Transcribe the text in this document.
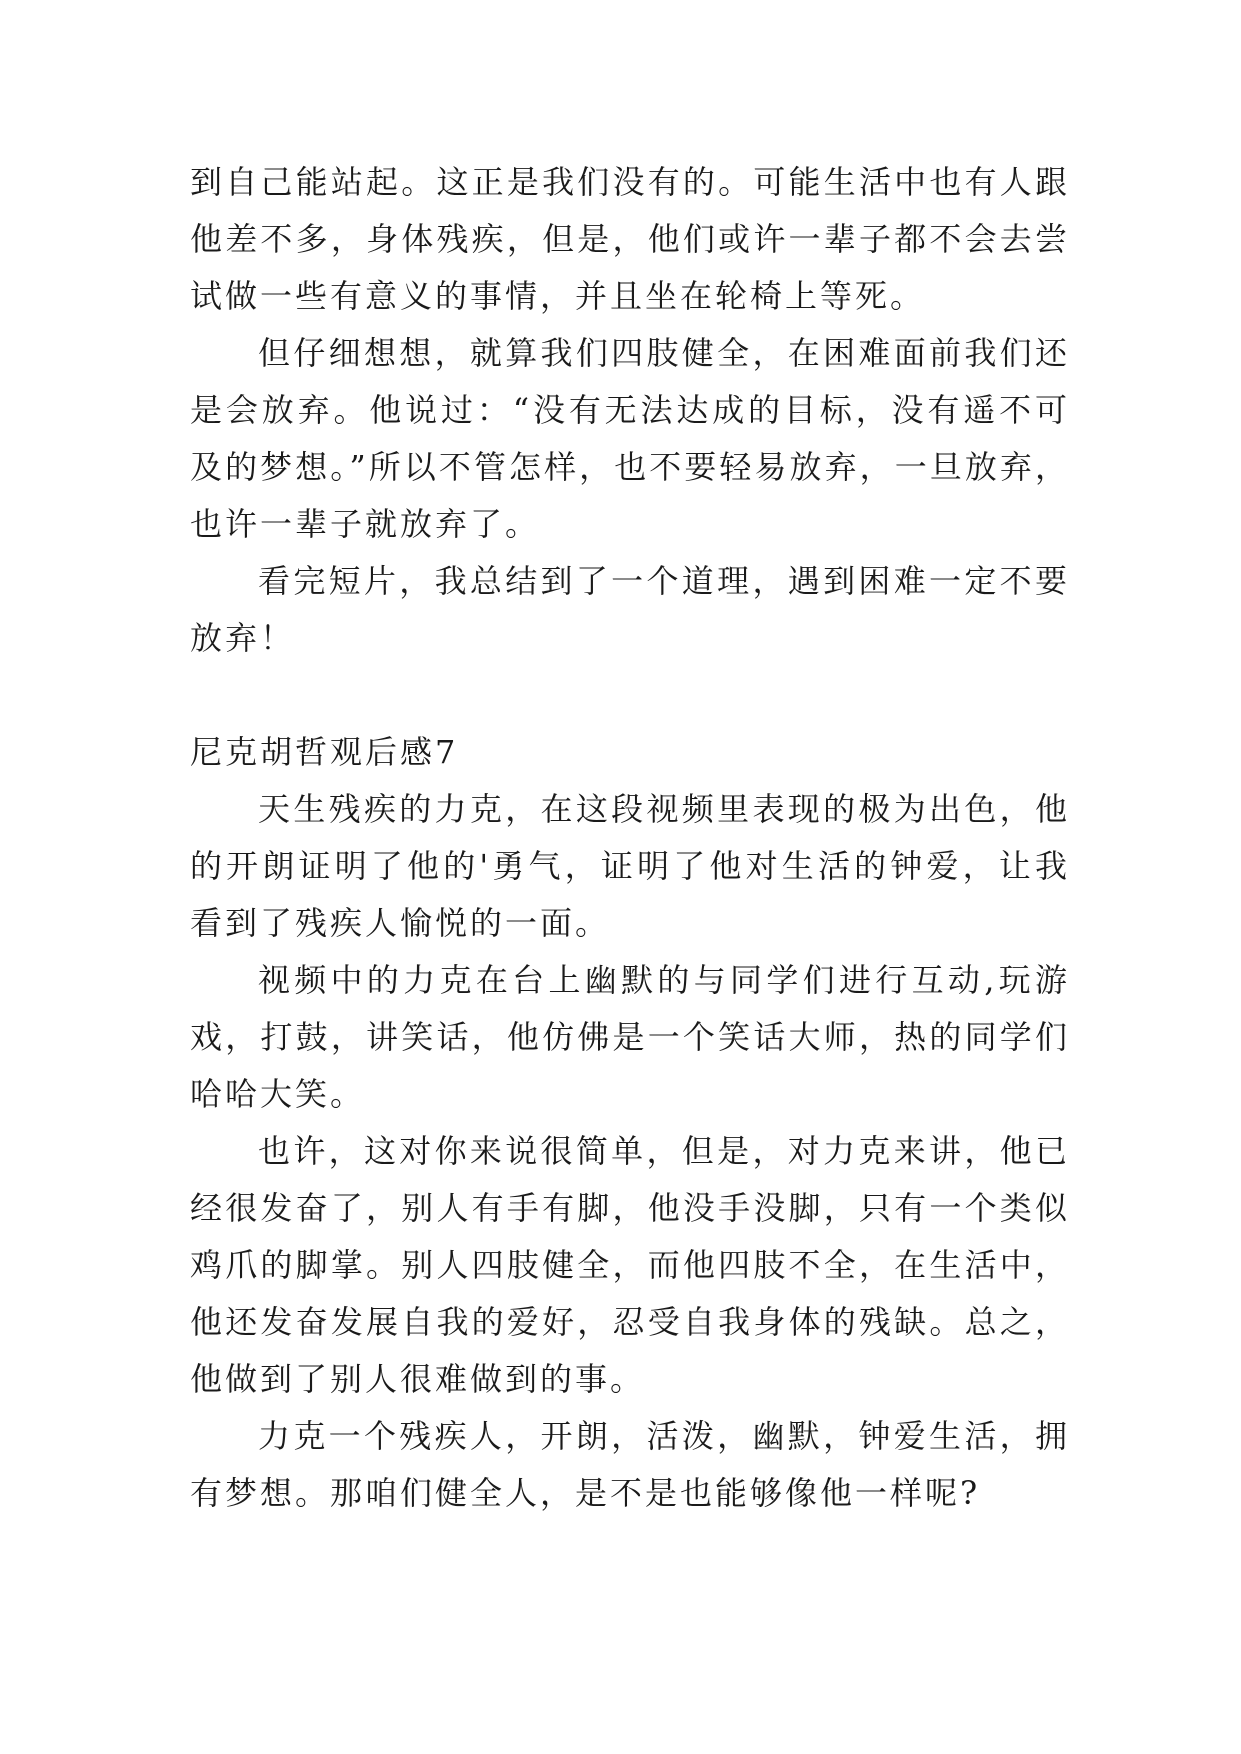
到自己能站起。这正是我们没有的。可能生活中也有人跟他差不多，身体残疾，但是，他们或许一辈子都不会去尝试做一些有意义的事情，并且坐在轮椅上等死。

但仔细想想，就算我们四肢健全，在困难面前我们还是会放弃。他说过：“没有无法达成的目标，没有遥不可及的梦想。”所以不管怎样，也不要轻易放弃，一旦放弃，也许一辈子就放弃了。

看完短片，我总结到了一个道理，遇到困难一定不要放弃！

尼克胡哲观后感7

天生残疾的力克，在这段视频里表现的极为出色，他的开朗证明了他的'勇气，证明了他对生活的钟爱，让我看到了残疾人愉悦的一面。

视频中的力克在台上幽默的与同学们进行互动,玩游戏，打鼓，讲笑话，他仿佛是一个笑话大师，热的同学们哈哈大笑。

也许，这对你来说很简单，但是，对力克来讲，他已经很发奋了，别人有手有脚，他没手没脚，只有一个类似鸡爪的脚掌。别人四肢健全，而他四肢不全，在生活中，他还发奋发展自我的爱好，忍受自我身体的残缺。总之，他做到了别人很难做到的事。

力克一个残疾人，开朗，活泼，幽默，钟爱生活，拥有梦想。那咱们健全人，是不是也能够像他一样呢?
